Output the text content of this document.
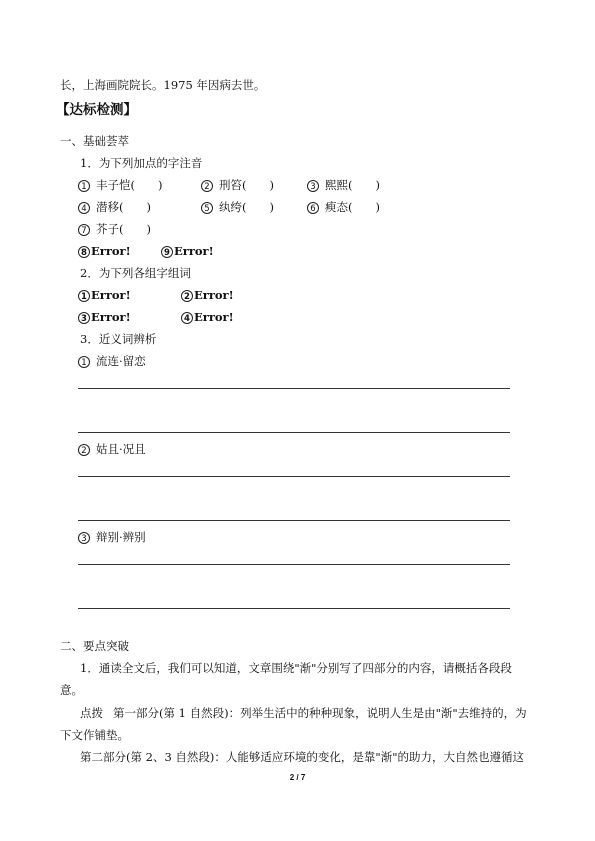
长，上海画院院长。1975 年因病去世。
【达标检测】
一、基础荟萃
1．为下列加点的字注音
1 丰子恺(　　)	2 刑笞(　　)	3 熙熙(　　)
4 潜移(　　)	5 纨绔(　　)	6 瘐态(　　)
7 芥子(　　)
8 Error!	9 Error!
2．为下列各组字组词
1 Error!	2 Error!
3 Error!	4 Error!
3．近义词辨析
1 流连·留恋
2 姑且·况且
3 辩别·辨别
二、要点突破
1．通读全文后，我们可以知道，文章围绕"渐"分别写了四部分的内容，请概括各段段
意。
点拨 第一部分(第 1 自然段)：列举生活中的种种现象，说明人生是由"渐"去维持的，为
下文作铺垫。
第二部分(第 2、3 自然段)：人能够适应环境的变化，是靠"渐"的助力，大自然也遵循这
2 / 7
